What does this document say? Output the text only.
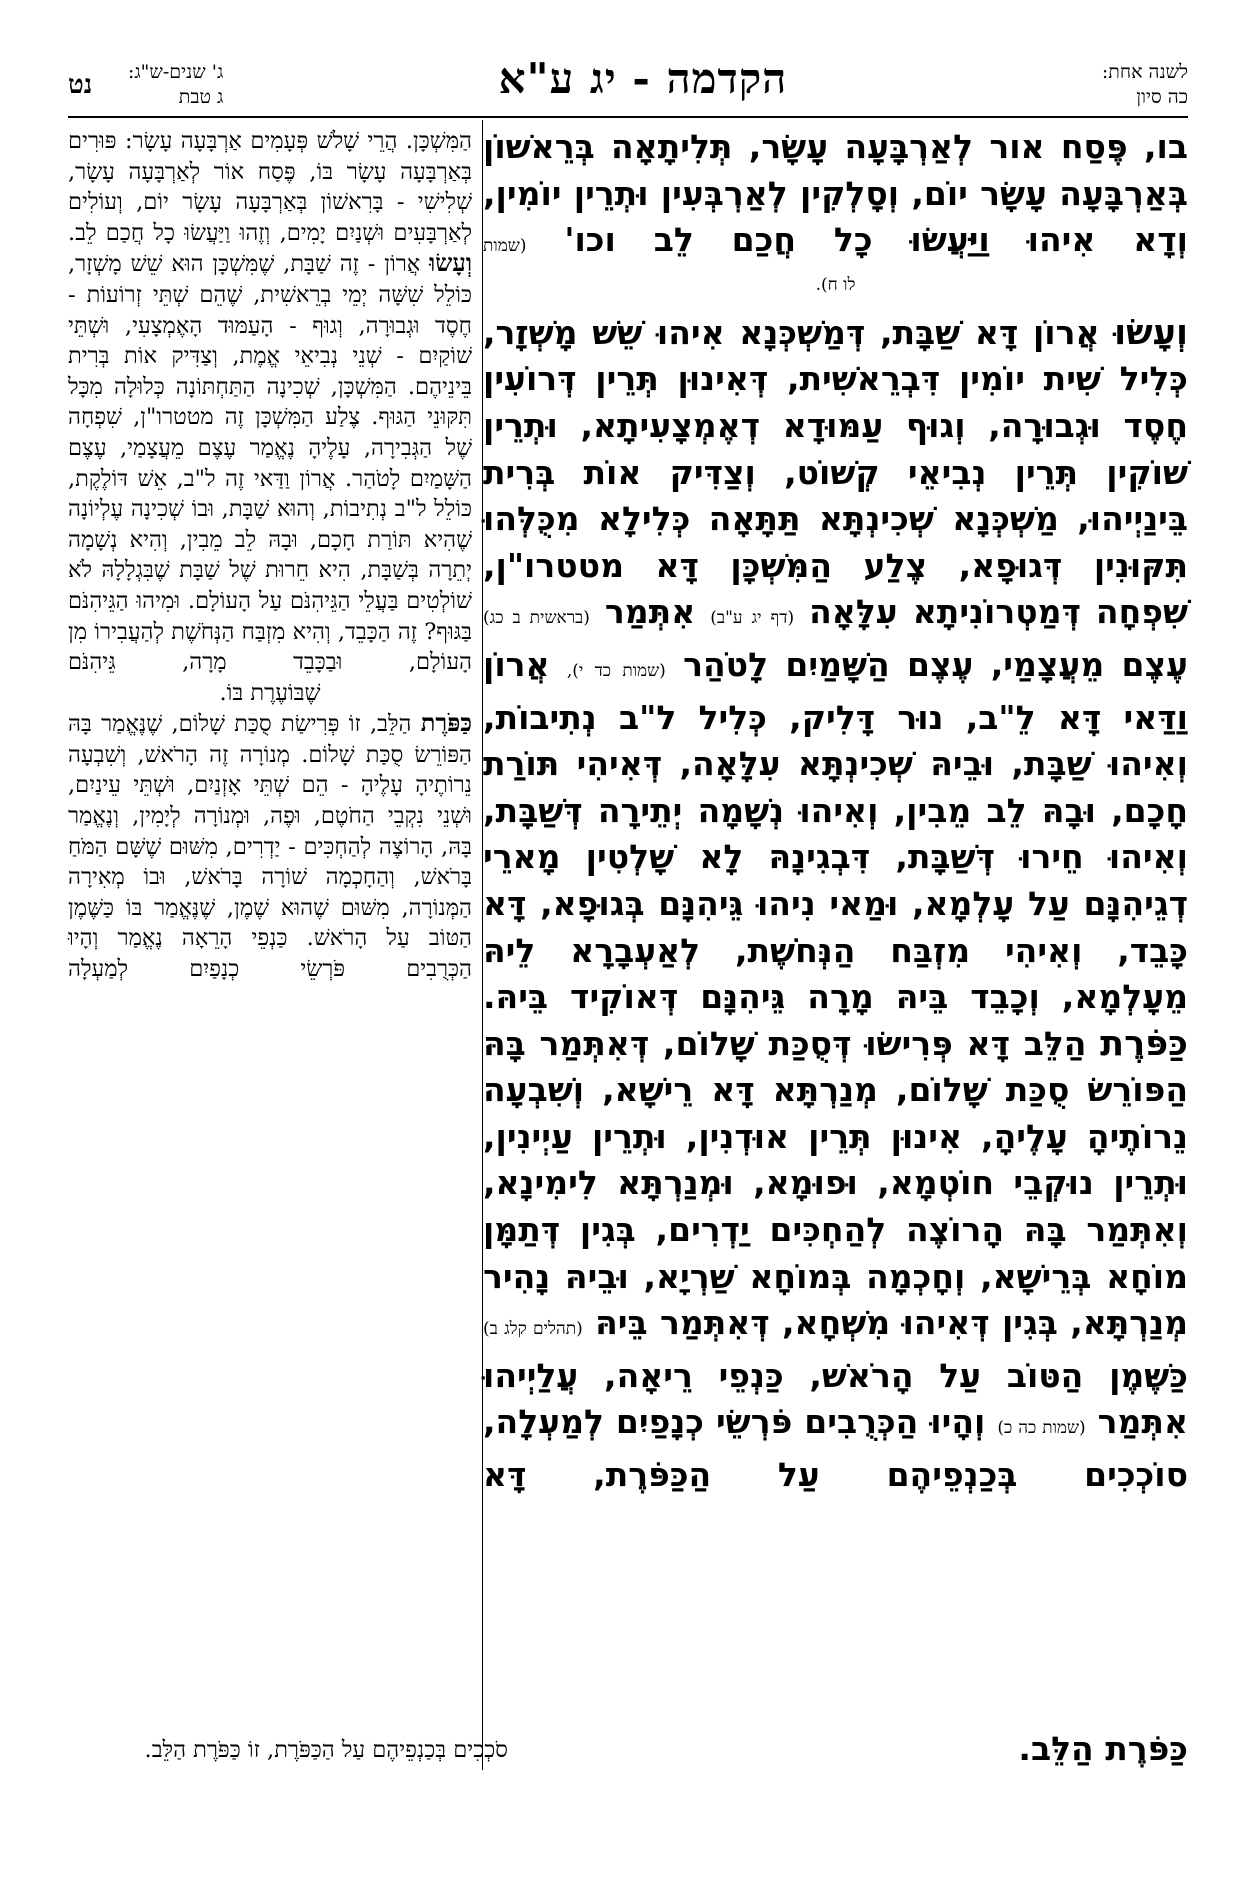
לשנה אחת:
כה סיון
הקדמה - יג ע"א
ג' שנים-ש"ג:
ג טבת
נט

בו, פֶּסַח אור לְאַרְבָּעָה עָשָׂר, תְּלִיתָאָה בְּרֵאשׁוֹן בְּאַרְבָּעָה עָשָׂר יוֹם, וְסָלְקִין לְאַרְבְּעִין וּתְרֵין יוֹמִין, וְדָא אִיהוּ וַיַּעֲשׂוּ כָל חֲכַם לֵב וכו' (שמות

לו ח).

וְעָשׂוּ אֲרוֹן דָּא שַׁבָּת, דְּמַשְׁכְּנָא אִיהוּ שֵׁשׁ מָשְׁזָר, כְּלִיל שִׁית יוֹמִין דִּבְרֵאשִׁית, דְּאִינוּן תְּרֵין דְּרוֹעִין חֶסֶד וּגְבוּרָה, וְגוּף עַמּוּדָא דְאֶמְצָעִיתָא, וּתְרֵין שׁוֹקִין תְּרֵין נְבִיאֵי קְשׁוֹט, וְצַדִּיק אוֹת בְּרִית בֵּינַיְיהוּ, מַשְׁכְּנָא שְׁכִינְתָּא תַּתָּאָה כְּלִילָא מִכֻּלְּהוּ תִּקּוּנִין דְּגוּפָא, צֶלַע הַמִּשְׁכָּן דָּא מטטרו"ן, שִׁפְחָה דְּמַטְרוֹנִיתָא עִלָּאָה (דף יג ע"ב) אִתְּמַר (בראשית ב כג) עֶצֶם מֵעֲצָמַי, עֶצֶם הַשָּׁמַיִם לָטֹהַר (שמות כד י), אֲרוֹן וַדַּאי דָּא לֵ"ב, נוּר דָּלִיק, כְּלִיל ל"ב נְתִיבוֹת, וְאִיהוּ שַׁבָּת, וּבֵיהּ שְׁכִינְתָּא עִלָּאָה, דְּאִיהִי תּוֹרַת חָכָם, וּבָהּ לֵב מֵבִין, וְאִיהוּ נְשָׁמָה יְתֵירָה דְּשַׁבָּת, וְאִיהוּ חֵירוּ דְּשַׁבָּת, דִּבְגִינָהּ לָא שָׁלְטִין מָארֵי דְגֵיהִנָּם עַל עָלְמָא, וּמַאי נִיהוּ גֵּיהִנָּם בְּגוּפָא, דָּא כָּבֵד, וְאִיהִי מִזְבַּח הַנְּחֹשֶׁת, לְאַעְבָרָא לֵיהּ מֵעָלְמָא, וְכָבֵד בֵּיהּ מָרָה גֵּיהִנָּם דְּאוֹקִיד בֵּיהּ.

כַּפֹּרֶת הַלֵּב דָּא פְּרִישׂוּ דְּסֻכַּת שָׁלוֹם, דְּאִתְּמַר בָּהּ הַפּוֹרֵשׂ סֻכַּת שָׁלוֹם, מְנַרְתָּא דָּא רֵישָׁא, וְשִׁבְעָה נֵרוֹתֶיהָ עָלֶיהָ, אִינוּן תְּרֵין אוּדְנִין, וּתְרֵין עַיְינִין, וּתְרֵין נוּקְבֵי חוֹטְמָא, וּפוּמָא, וּמְנַרְתָּא לִימִינָא, וְאִתְּמַר בָּהּ הָרוֹצֶה לְהַחְכִּים יַדְרִים, בְּגִין דְּתַמָּן מוֹחָא בְּרֵישָׁא, וְחָכְמָה בְּמוֹחָא שַׁרְיָא, וּבֵיהּ נָהִיר מְנַרְתָּא, בְּגִין דְּאִיהוּ מִשְׁחָא, דְּאִתְּמַר בֵּיהּ (תהלים קלג ב) כַּשֶּׁמֶן הַטּוֹב עַל הָרֹאשׁ, כַּנְפֵי רֵיאָה, עֲלַיְיהוּ אִתְּמַר (שמות כה כ) וְהָיוּ הַכְּרֻבִים פֹּרְשֵׂי כְנָפַיִם לְמַעְלָה, סוֹכְכִים בְּכַנְפֵיהֶם עַל הַכַּפֹּרֶת, דָּא

כַּפֹּרֶת הַלֵּב.

הַמִּשְׁכָּן. הֲרֵי שָׁלֹשׁ פְּעָמִים אַרְבָּעָה עָשָׂר: פּוּרִים בְּאַרְבָּעָה עָשָׂר בּוֹ, פֶּסַח אוֹר לְאַרְבָּעָה עָשָׂר, שְׁלִישִׁי - בָּרִאשׁוֹן בְּאַרְבָּעָה עָשָׂר יוֹם, וְעוֹלִים לְאַרְבָּעִים וּשְׁנַיִם יָמִים, וְזֶהוּ וַיַּעֲשׂוּ כָל חֲכַם לֵב.

וְעָשׂוּ אֲרוֹן - זֶה שַׁבָּת, שֶׁמִּשְׁכָּן הוּא שֵׁשׁ מָשְׁזָר, כּוֹלֵל שִׁשָּׁה יְמֵי בְרֵאשִׁית, שֶׁהֵם שְׁתֵּי זְרוֹעוֹת - חֶסֶד וּגְבוּרָה, וְגוּף - הָעַמּוּד הָאֶמְצָעִי, וּשְׁתֵּי שׁוֹקַיִם - שְׁנֵי נְבִיאֵי אֱמֶת, וְצַדִּיק אוֹת בְּרִית בֵּינֵיהֶם. הַמִּשְׁכָּן, שְׁכִינָה הַתַּחְתּוֹנָה כְּלוּלָה מִכָּל תִּקּוּנֵי הַגּוּף. צֶלַע הַמִּשְׁכָּן זֶה מטטרו"ן, שִׁפְחָה שֶׁל הַגְּבִירָה, עָלֶיהָ נֶאֱמַר עֶצֶם מֵעֲצָמַי, עֶצֶם הַשָּׁמַיִם לָטֹהַר. אֲרוֹן וַדַּאי זֶה ל"ב, אֵשׁ דּוֹלֶקֶת, כּוֹלֵל ל"ב נְתִיבוֹת, וְהוּא שַׁבָּת, וּבוֹ שְׁכִינָה עֶלְיוֹנָה שֶׁהִיא תּוֹרַת חָכָם, וּבָהּ לֵב מֵבִין, וְהִיא נְשָׁמָה יְתֵרָה בְּשַׁבָּת, הִיא חֵרוּת שֶׁל שַׁבָּת שֶׁבִּגְלָלָהּ לֹא שׁוֹלְטִים בַּעֲלֵי הַגֵּיהִנֹּם עַל הָעוֹלָם. וּמִיהוּ הַגֵּיהִנֹּם בַּגּוּף? זֶה הַכָּבֵד, וְהִיא מִזְבַּח הַנְּחֹשֶׁת לְהַעֲבִירוֹ מִן הָעוֹלָם, וּבַכָּבֵד מָרָה, גֵּיהִנֹּם

שֶׁבּוֹעֶרֶת בּוֹ.

כַּפֹּרֶת הַלֵּב, זוֹ פְּרִישַׂת סֻכַּת שָׁלוֹם, שֶׁנֶּאֱמַר בָּהּ הַפּוֹרֵשׂ סֻכַּת שָׁלוֹם. מְנוֹרָה זֶה הָרֹאשׁ, וְשִׁבְעָה נֵרוֹתֶיהָ עָלֶיהָ - הֵם שְׁתֵּי אָזְנַיִם, וּשְׁתֵּי עֵינַיִם, וּשְׁנֵי נִקְבֵי הַחֹטֶם, וּפֶה, וּמְנוֹרָה לְיָמִין, וְנֶאֱמַר בָּהּ, הָרוֹצֶה לְהַחְכִּים - יַדְרִים, מִשּׁוּם שֶׁשָּׁם הַמֹּחַ בָּרֹאשׁ, וְהַחָכְמָה שׁוֹרָה בָּרֹאשׁ, וּבוֹ מְאִירָה הַמְּנוֹרָה, מִשּׁוּם שֶׁהוּא שֶׁמֶן, שֶׁנֶּאֱמַר בּוֹ כַּשֶּׁמֶן הַטּוֹב עַל הָרֹאשׁ. כַּנְפֵי הָרֵאָה נֶאֱמַר וְהָיוּ הַכְּרֻבִים פֹּרְשֵׂי כְנָפַיִם לְמַעְלָה

סֹכְכִים בְּכַנְפֵיהֶם עַל הַכַּפֹּרֶת, זוֹ כַּפֹּרֶת הַלֵּב.
